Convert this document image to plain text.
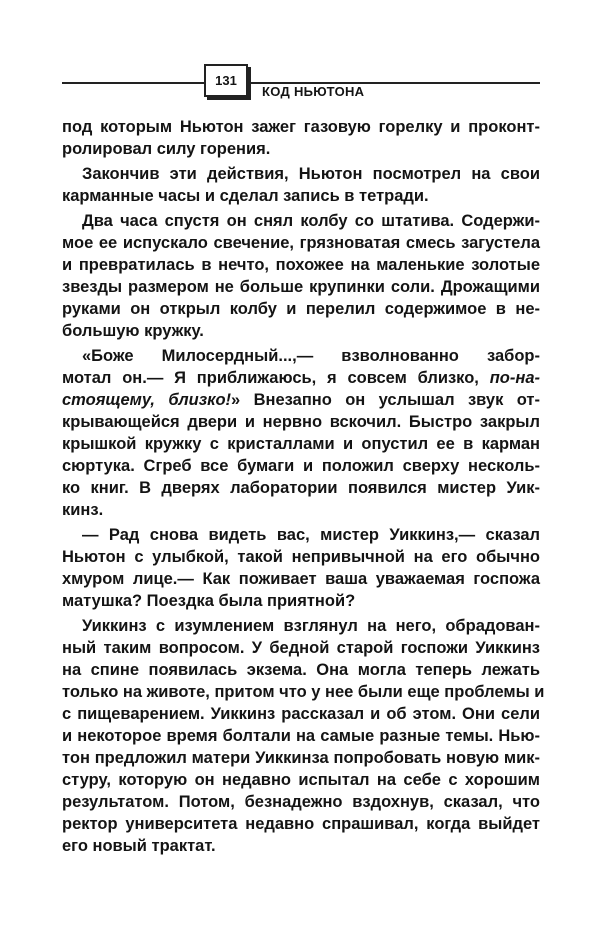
131
КОД НЬЮТОНА
под которым Ньютон зажег газовую горелку и проконт-
ролировал силу горения.
Закончив эти действия, Ньютон посмотрел на свои
карманные часы и сделал запись в тетради.
Два часа спустя он снял колбу со штатива. Содержи-
мое ее испускало свечение, грязноватая смесь загустела
и превратилась в нечто, похожее на маленькие золотые
звезды размером не больше крупинки соли. Дрожащими
руками он открыл колбу и перелил содержимое в не-
большую кружку.
«Боже Милосердный...,— взволнованно забор-
мотал он.— Я приближаюсь, я совсем близко, по-на-
стоящему, близко!» Внезапно он услышал звук от-
крывающейся двери и нервно вскочил. Быстро закрыл
крышкой кружку с кристаллами и опустил ее в карман
сюртука. Сгреб все бумаги и положил сверху несколь-
ко книг. В дверях лаборатории появился мистер Уик-
кинз.
— Рад снова видеть вас, мистер Уиккинз,— сказал
Ньютон с улыбкой, такой непривычной на его обычно
хмуром лице.— Как поживает ваша уважаемая госпожа
матушка? Поездка была приятной?
Уиккинз с изумлением взглянул на него, обрадован-
ный таким вопросом. У бедной старой госпожи Уиккинз
на спине появилась экзема. Она могла теперь лежать
только на животе, притом что у нее были еще проблемы и
с пищеварением. Уиккинз рассказал и об этом. Они сели
и некоторое время болтали на самые разные темы. Нью-
тон предложил матери Уиккинза попробовать новую мик-
стуру, которую он недавно испытал на себе с хорошим
результатом. Потом, безнадежно вздохнув, сказал, что
ректор университета недавно спрашивал, когда выйдет
его новый трактат.
